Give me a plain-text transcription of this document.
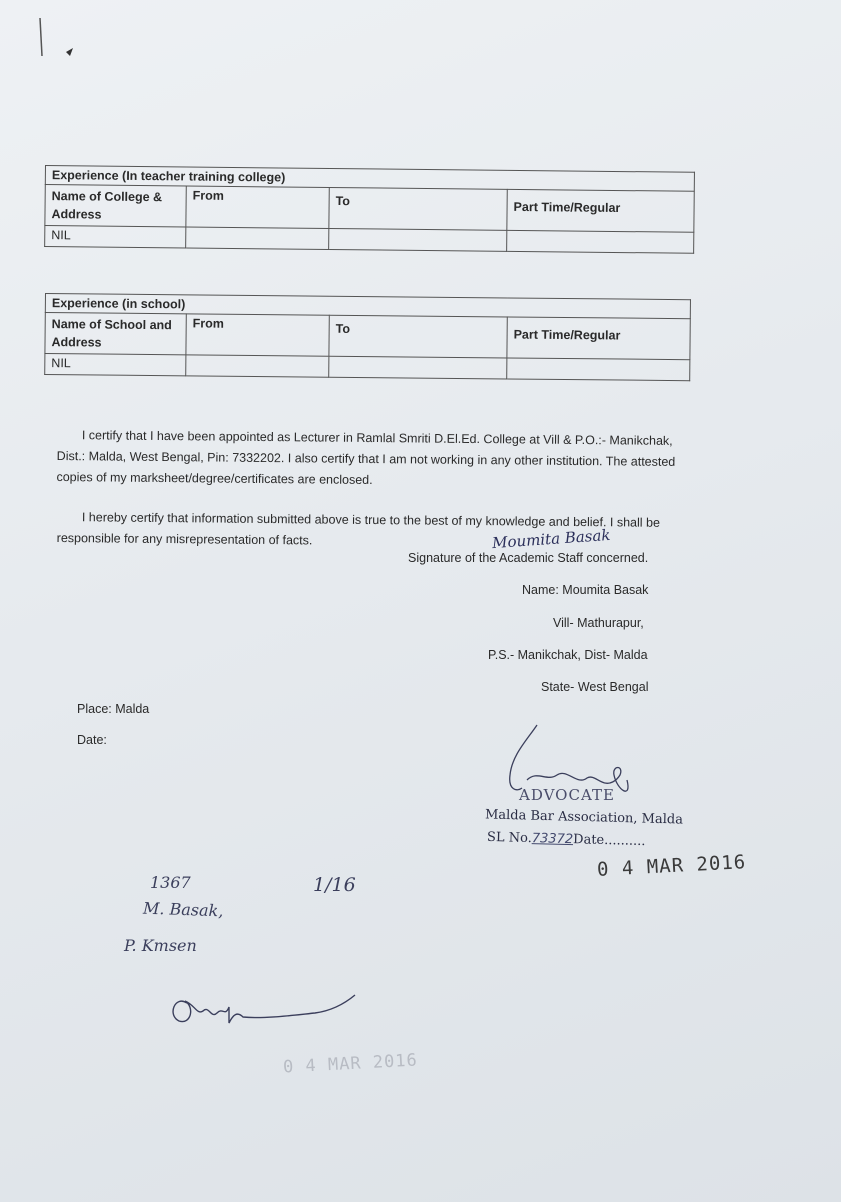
Experience (In teacher training college)			
Name of College & Address	From	To	Part Time/Regular
NIL			
Experience (in school)			
Name of School and Address	From	To	Part Time/Regular
NIL			

I certify that I have been appointed as Lecturer in Ramlal Smriti D.El.Ed. College at Vill & P.O.:- Manikchak, Dist.: Malda, West Bengal, Pin: 7332202. I also certify that I am not working in any other institution. The attested copies of my marksheet/degree/certificates are enclosed.

I hereby certify that information submitted above is true to the best of my knowledge and belief. I shall be responsible for any misrepresentation of facts.	Moumita Basak
Signature of the Academic Staff concerned.
Name: Moumita Basak
Vill- Mathurapur,
P.S.- Manikchak, Dist- Malda
State- West Bengal
Place: Malda
Date:
ADVOCATE
Malda Bar Association, Malda
SL No.73372Date..........
0 4 MAR 2016
1367	1/16
M. Basak,
P. Kmsen
0 4 MAR 2016
